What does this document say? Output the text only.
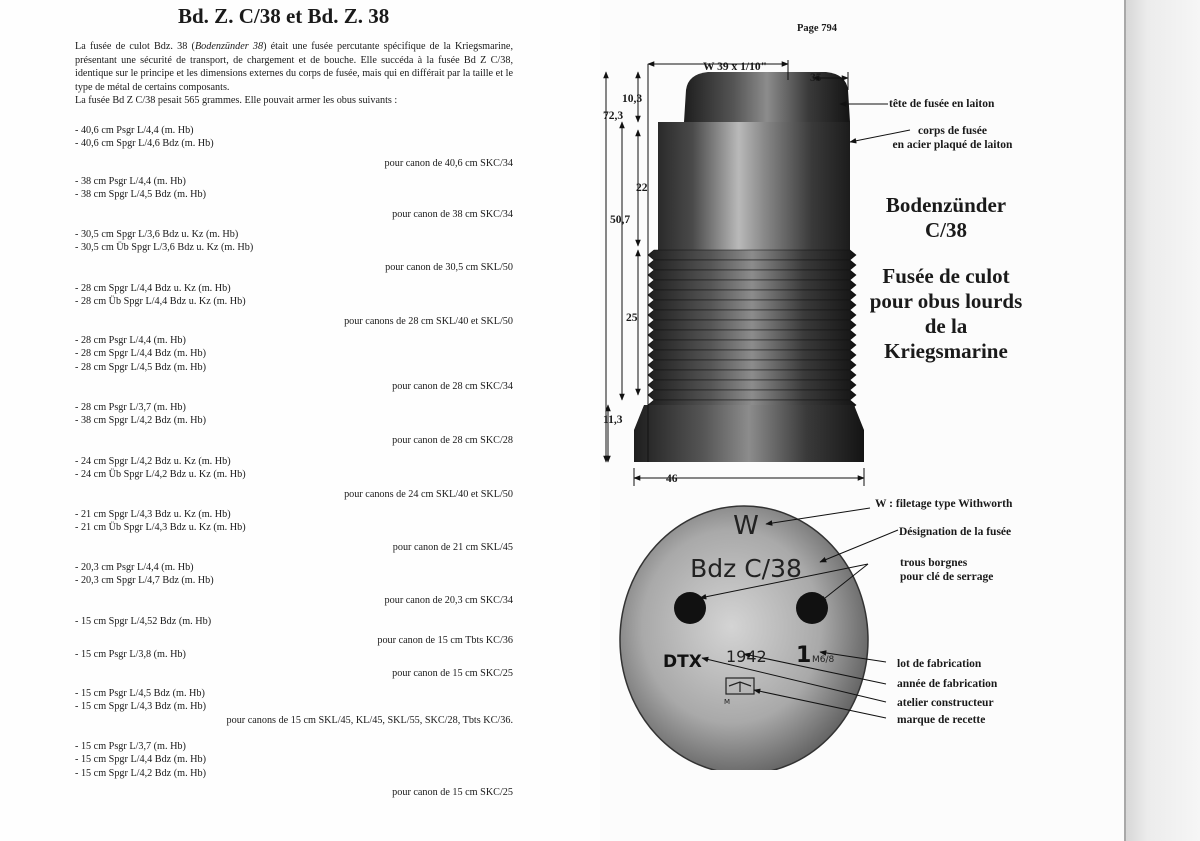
Bd. Z. C/38 et Bd. Z. 38

La fusée de culot Bdz. 38 (Bodenzünder 38) était une fusée percutante spécifique de la Kriegsmarine, présentant une sécurité de transport, de chargement et de bouche. Elle succéda à la fusée Bd Z C/38, identique sur le principe et les dimensions externes du corps de fusée, mais qui en différait par la taille et le type de métal de certains composants.

La fusée Bd Z C/38 pesait 565 grammes. Elle pouvait armer les obus suivants :

- 40,6 cm Psgr L/4,4 (m. Hb)
- 40,6 cm Spgr L/4,6 Bdz (m. Hb)
pour canon de 40,6 cm SKC/34
- 38 cm Psgr L/4,4 (m. Hb)
- 38 cm Spgr L/4,5 Bdz (m. Hb)
pour canon de 38 cm SKC/34
- 30,5 cm Spgr L/3,6 Bdz u. Kz (m. Hb)
- 30,5 cm Üb Spgr L/3,6 Bdz u. Kz (m. Hb)
pour canon de 30,5 cm SKL/50
- 28 cm Spgr L/4,4 Bdz u. Kz (m. Hb)
- 28 cm Üb Spgr L/4,4 Bdz u. Kz (m. Hb)
pour canons de 28 cm SKL/40 et SKL/50
- 28 cm Psgr L/4,4 (m. Hb)
- 28 cm Spgr L/4,4 Bdz (m. Hb)
- 28 cm Spgr L/4,5 Bdz (m. Hb)
pour canon de 28 cm SKC/34
- 28 cm Psgr L/3,7 (m. Hb)
- 38 cm Spgr L/4,2 Bdz (m. Hb)
pour canon de 28 cm SKC/28
- 24 cm Spgr L/4,2 Bdz u. Kz (m. Hb)
- 24 cm Üb Spgr L/4,2 Bdz u. Kz (m. Hb)
pour canons de 24 cm SKL/40 et SKL/50
- 21 cm Spgr L/4,3 Bdz u. Kz (m. Hb)
- 21 cm Üb Spgr L/4,3 Bdz u. Kz (m. Hb)
pour canon de 21 cm SKL/45
- 20,3 cm Psgr L/4,4 (m. Hb)
- 20,3 cm Spgr L/4,7 Bdz (m. Hb)
pour canon de 20,3 cm SKC/34
- 15 cm Spgr L/4,52 Bdz (m. Hb)
pour canon de 15 cm Tbts KC/36
- 15 cm Psgr L/3,8 (m. Hb)
pour canon de 15 cm SKC/25
- 15 cm Psgr L/4,5 Bdz (m. Hb)
- 15 cm Spgr L/4,3 Bdz (m. Hb)
pour canons de 15 cm SKL/45, KL/45, SKL/55, SKC/28, Tbts KC/36.
- 15 cm Psgr L/3,7 (m. Hb)
- 15 cm Spgr L/4,4 Bdz (m. Hb)
- 15 cm Spgr L/4,2 Bdz (m. Hb)
pour canon de 15 cm SKC/25
Page 794
W
Bdz C/38
DTX 1942 1 M6/8
M
W 39 x 1/10"
35
10,3
72,3
22
50,7
25
11,3
46
tête de fusée en laiton
corps de fusée
en acier plaqué de laiton
W : filetage type Withworth
Désignation de la fusée
trous borgnes
pour clé de serrage
lot de fabrication
année de fabrication
atelier constructeur
marque de recette
Bodenzünder
C/38
Fusée de culot
pour obus lourds
de la
Kriegsmarine
